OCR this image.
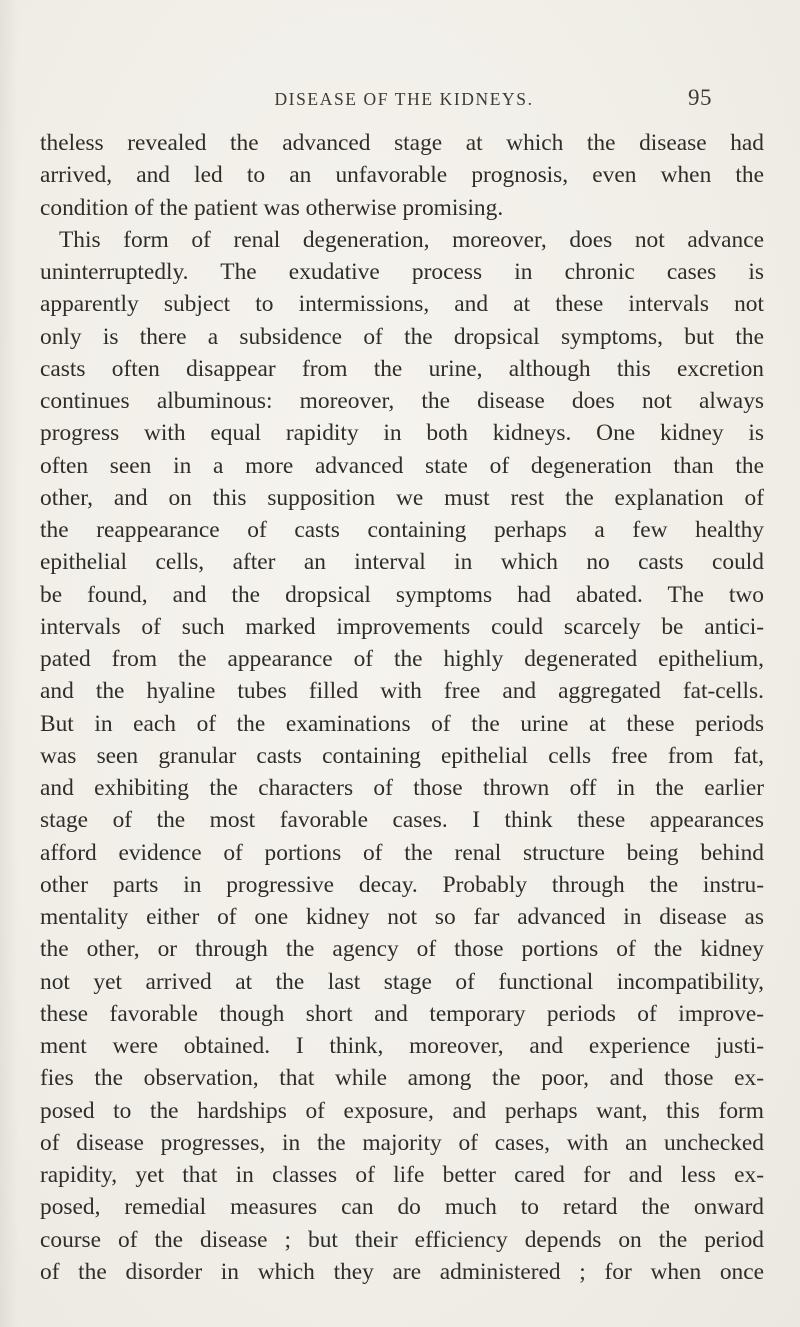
DISEASE OF THE KIDNEYS.	95
theless revealed the advanced stage at which the disease had
arrived, and led to an unfavorable prognosis, even when the
condition of the patient was otherwise promising.
This form of renal degeneration, moreover, does not advance
uninterruptedly. The exudative process in chronic cases is
apparently subject to intermissions, and at these intervals not
only is there a subsidence of the dropsical symptoms, but the
casts often disappear from the urine, although this excretion
continues albuminous: moreover, the disease does not always
progress with equal rapidity in both kidneys. One kidney is
often seen in a more advanced state of degeneration than the
other, and on this supposition we must rest the explanation of
the reappearance of casts containing perhaps a few healthy
epithelial cells, after an interval in which no casts could
be found, and the dropsical symptoms had abated. The two
intervals of such marked improvements could scarcely be antici-
pated from the appearance of the highly degenerated epithelium,
and the hyaline tubes filled with free and aggregated fat-cells.
But in each of the examinations of the urine at these periods
was seen granular casts containing epithelial cells free from fat,
and exhibiting the characters of those thrown off in the earlier
stage of the most favorable cases. I think these appearances
afford evidence of portions of the renal structure being behind
other parts in progressive decay. Probably through the instru-
mentality either of one kidney not so far advanced in disease as
the other, or through the agency of those portions of the kidney
not yet arrived at the last stage of functional incompatibility,
these favorable though short and temporary periods of improve-
ment were obtained. I think, moreover, and experience justi-
fies the observation, that while among the poor, and those ex-
posed to the hardships of exposure, and perhaps want, this form
of disease progresses, in the majority of cases, with an unchecked
rapidity, yet that in classes of life better cared for and less ex-
posed, remedial measures can do much to retard the onward
course of the disease ; but their efficiency depends on the period
of the disorder in which they are administered ; for when once
